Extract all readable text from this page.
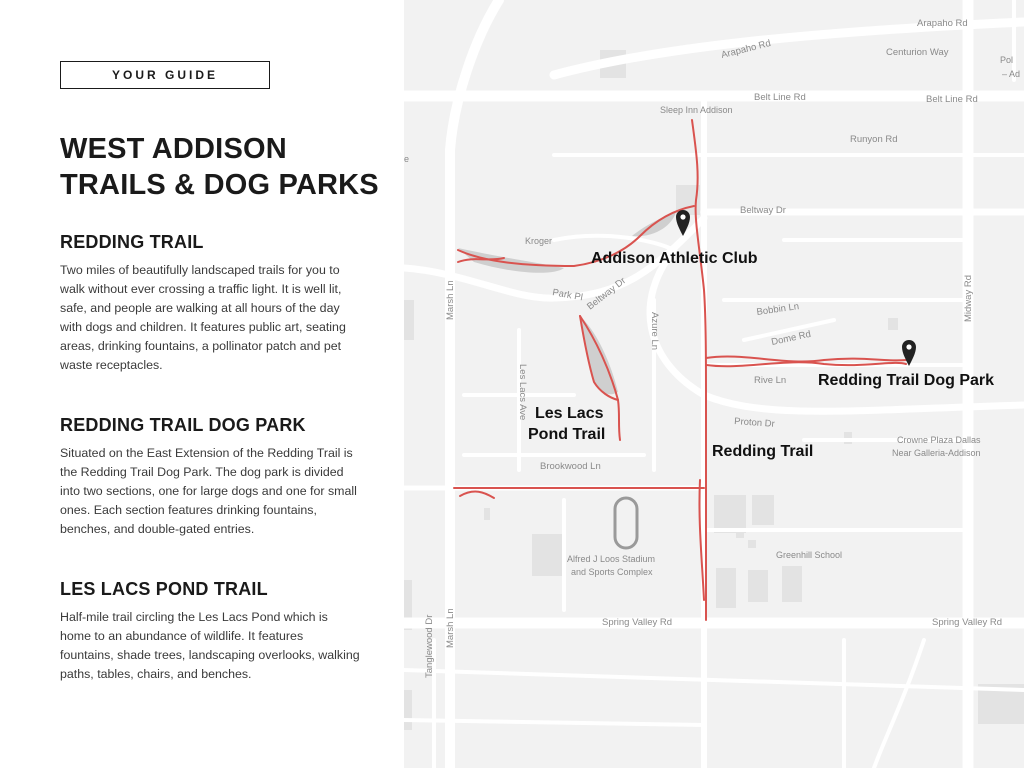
YOUR GUIDE
WEST ADDISON
TRAILS & DOG PARKS
REDDING TRAIL
Two miles of beautifully landscaped trails for you to walk without ever crossing a traffic light. It is well lit, safe, and people are walking at all hours of the day with dogs and children. It features public art, seating areas, drinking fountains, a pollinator patch and pet waste receptacles.
REDDING TRAIL DOG PARK
Situated on the East Extension of the Redding Trail is the Redding Trail Dog Park. The dog park is divided into two sections, one for large dogs and one for small ones. Each section features drinking fountains, benches, and double-gated entries.
LES LACS POND TRAIL
Half-mile trail circling the Les Lacs Pond which is home to an abundance of wildlife. It features fountains, shade trees, landscaping overlooks, walking paths, tables, chairs, and benches.
Arapaho Rd
Arapaho Rd	Centurion Way
Belt Line Rd	Belt Line Rd
Runyon Rd
Beltway Dr
Beltway Dr
Park Pl
Azure Ln
Bobbin Ln
Dome Rd
Rive Ln
Proton Dr
Les Lacs Ave
Brookwood Ln
Marsh Ln
Marsh Ln
Midway Rd
Spring Valley Rd	Spring Valley Rd
Tanglewood Dr
Sleep Inn Addison
Kroger
Crowne Plaza Dallas
Near Galleria-Addison
Alfred J Loos Stadium
and Sports Complex
Greenhill School
Pol
– Ad
e
Addison Athletic Club
Redding Trail Dog Park
Les Lacs
Pond Trail
Redding Trail
